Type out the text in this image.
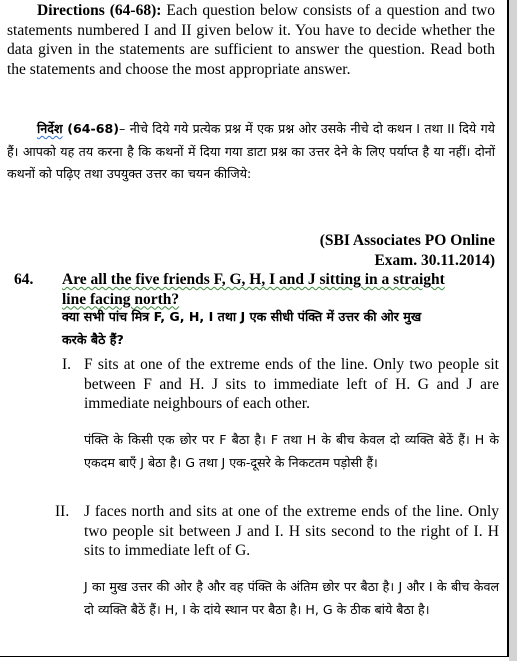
Directions (64-68): Each question below consists of a question and two statements numbered I and II given below it. You have to decide whether the data given in the statements are sufficient to answer the question. Read both the statements and choose the most appropriate answer.

निर्देश (64-68)– नीचे दिये गये प्रत्येक प्रश्न में एक प्रश्न ओर उसके नीचे दो कथन I तथा II दिये गये हैं। आपको यह तय करना है कि कथनों में दिया गया डाटा प्रश्न का उत्तर देने के लिए पर्याप्त है या नहीं। दोनों कथनों को पढ़िए तथा उपयुक्त उत्तर का चयन कीजिये:

(SBI Associates PO Online
Exam. 30.11.2014)
64. Are all the five friends F, G, H, I and J sitting in a straight line facing north?

क्या सभी पांच मित्र F, G, H, I तथा J एक सीधी पंक्ति में उत्तर की ओर मुख करके बैठे हैं?

I. F sits at one of the extreme ends of the line. Only two people sit between F and H. J sits to immediate left of H. G and J are immediate neighbours of each other.

पंक्ति के किसी एक छोर पर F बैठा है। F तथा H के बीच केवल दो व्यक्ति बेठें हैं। H के एकदम बाएँ J बेठा है। G तथा J एक-दूसरे के निकटतम पड़ोसी हैं।

II. J faces north and sits at one of the extreme ends of the line. Only two people sit between J and I. H sits second to the right of I. H sits to immediate left of G.

J का मुख उत्तर की ओर है और वह पंक्ति के अंतिम छोर पर बैठा है। J और I के बीच केवल दो व्यक्ति बैठें हैं। H, I के दांये स्थान पर बैठा है। H, G के ठीक बांये बैठा है।
